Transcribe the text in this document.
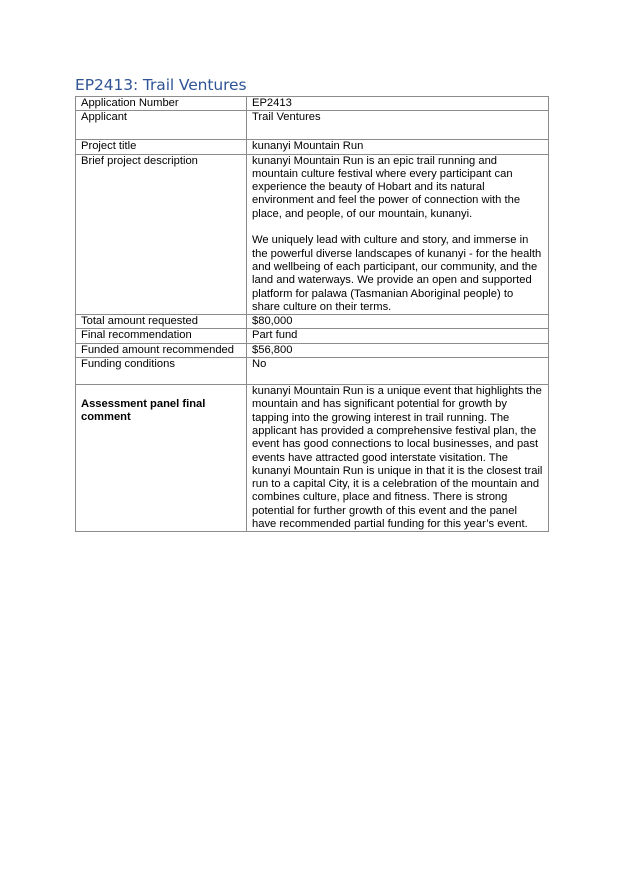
EP2413: Trail Ventures
Application Number	EP2413
Applicant	Trail Ventures
Project title	kunanyi Mountain Run
Brief project description	kunanyi Mountain Run is an epic trail running and mountain culture festival where every participant can experience the beauty of Hobart and its natural environment and feel the power of connection with the place, and people, of our mountain, kunanyi.

We uniquely lead with culture and story, and immerse in the powerful diverse landscapes of kunanyi - for the health and wellbeing of each participant, our community, and the land and waterways. We provide an open and supported platform for palawa (Tasmanian Aboriginal people) to share culture on their terms.

Total amount requested	$80,000
Final recommendation	Part fund
Funded amount recommended	$56,800
Funding conditions	No
Assessment panel final comment	kunanyi Mountain Run is a unique event that highlights the mountain and has significant potential for growth by tapping into the growing interest in trail running. The applicant has provided a comprehensive festival plan, the event has good connections to local businesses, and past events have attracted good interstate visitation. The kunanyi Mountain Run is unique in that it is the closest trail run to a capital City, it is a celebration of the mountain and combines culture, place and fitness. There is strong potential for further growth of this event and the panel have recommended partial funding for this year’s event.
